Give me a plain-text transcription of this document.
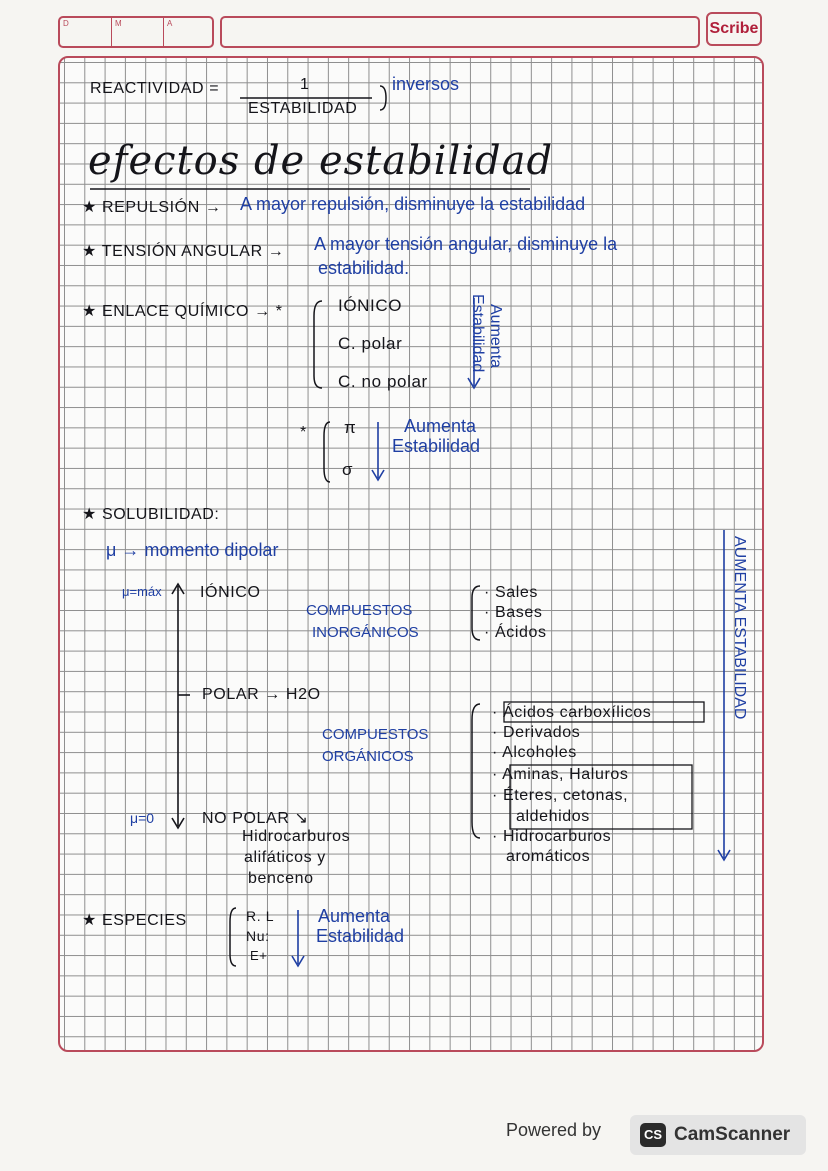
D	M	A	Scribe
REACTIVIDAD =	1
ESTABILIDAD
inversos
efectos de estabilidad
★ REPULSIÓN → A mayor repulsión, disminuye la estabilidad
★ TENSIÓN ANGULAR → A mayor tensión angular, disminuye la
estabilidad.
★ ENLACE QUÍMICO → *	IÓNICO
C. polar
C. no polar
Aumenta
Estabilidad
* π
σ
Aumenta
Estabilidad
★ SOLUBILIDAD:
μ → momento dipolar
μ=máx IÓNICO
COMPUESTOS
INORGÁNICOS
· Sales
· Bases
· Ácidos
POLAR → H2O
COMPUESTOS
ORGÁNICOS
· Ácidos carboxílicos
· Derivados
· Alcoholes
· Aminas, Haluros
· Éteres, cetonas,
aldehidos
· Hidrocarburos
aromáticos
μ=0	NO POLAR ↘
Hidrocarburos
alifáticos y
benceno
AUMENTA ESTABILIDAD
★ ESPECIES	R. L
Nu:
E+
Aumenta
Estabilidad
Powered by	CS CamScanner
